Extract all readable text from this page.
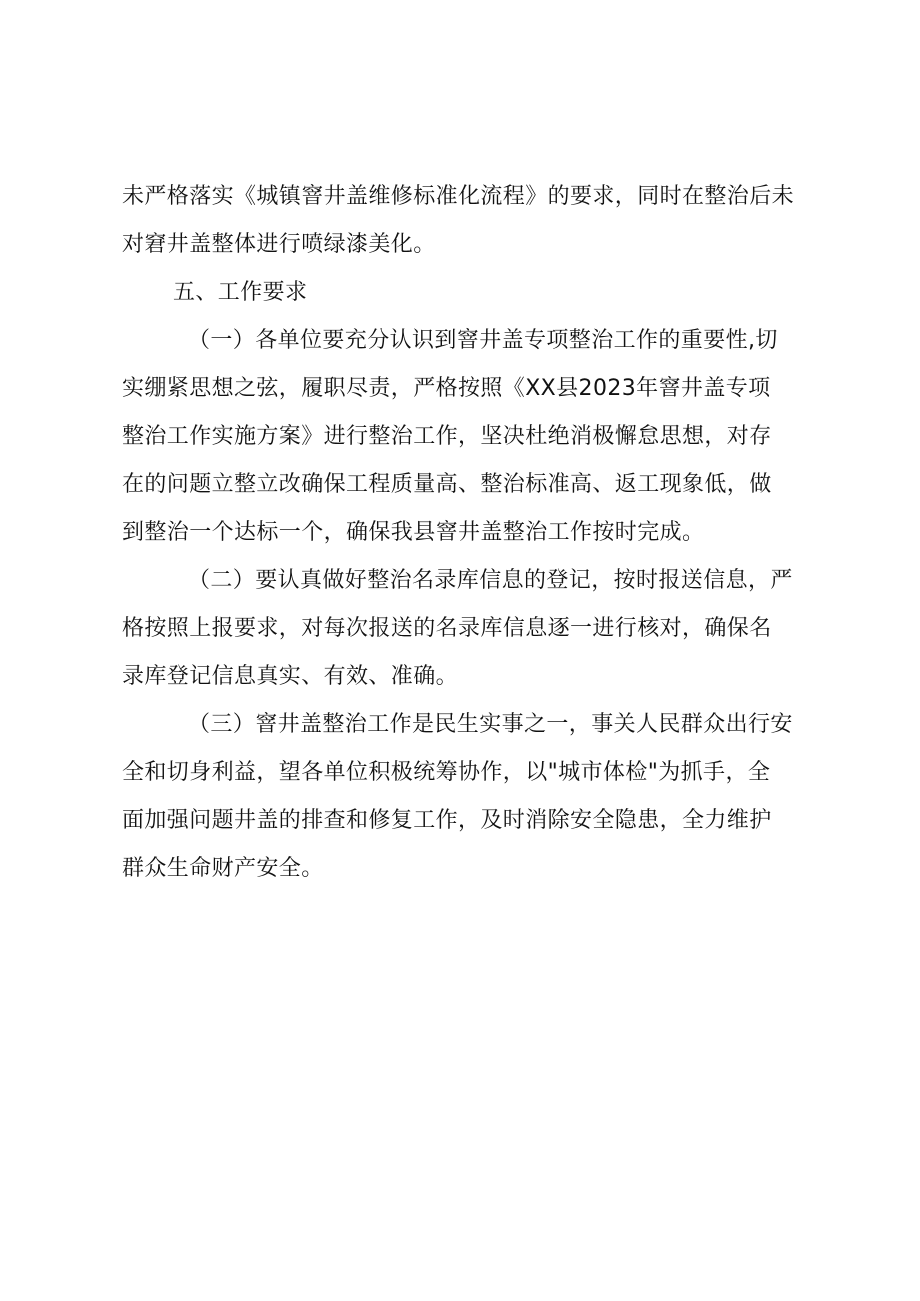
未严格落实《城镇窨井盖维修标准化流程》的要求，同时在整治后未
对窘井盖整体进行喷绿漆美化。
五、工作要求
（一）各单位要充分认识到窨井盖专项整治工作的重要性,切
实绷紧思想之弦，履职尽责，严格按照《XX县2023年窨井盖专项
整治工作实施方案》进行整治工作，坚决杜绝消极懈怠思想，对存
在的问题立整立改确保工程质量高、整治标准高、返工现象低，做
到整治一个达标一个，确保我县窨井盖整治工作按时完成。
（二）要认真做好整治名录库信息的登记，按时报送信息，严
格按照上报要求，对每次报送的名录库信息逐一进行核对，确保名
录库登记信息真实、有效、准确。
（三）窨井盖整治工作是民生实事之一，事关人民群众出行安
全和切身利益，望各单位积极统筹协作，以"城市体检"为抓手，全
面加强问题井盖的排查和修复工作，及时消除安全隐患，全力维护
群众生命财产安全。
